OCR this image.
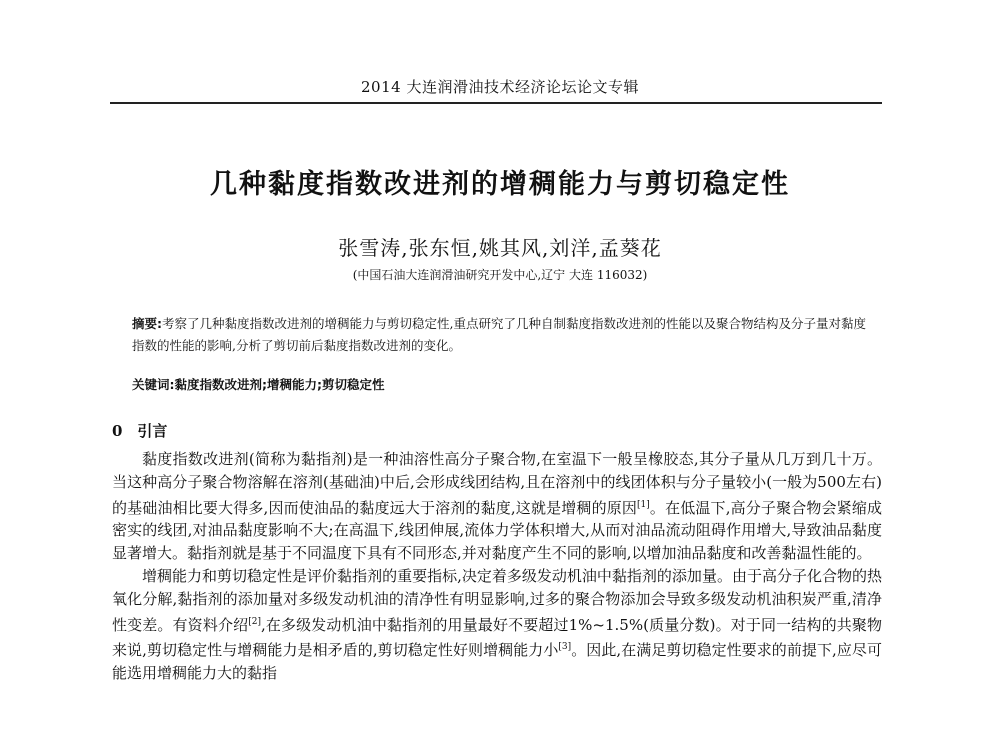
2014 大连润滑油技术经济论坛论文专辑
几种黏度指数改进剂的增稠能力与剪切稳定性
张雪涛,张东恒,姚其风,刘洋,孟葵花
(中国石油大连润滑油研究开发中心,辽宁 大连 116032)
摘要:考察了几种黏度指数改进剂的增稠能力与剪切稳定性,重点研究了几种自制黏度指数改进剂的性能以及聚合物结构及分子量对黏度指数的性能的影响,分析了剪切前后黏度指数改进剂的变化。
关键词:黏度指数改进剂;增稠能力;剪切稳定性
0　引言

黏度指数改进剂(简称为黏指剂)是一种油溶性高分子聚合物,在室温下一般呈橡胶态,其分子量从几万到几十万。当这种高分子聚合物溶解在溶剂(基础油)中后,会形成线团结构,且在溶剂中的线团体积与分子量较小(一般为500左右)的基础油相比要大得多,因而使油品的黏度远大于溶剂的黏度,这就是增稠的原因[1]。在低温下,高分子聚合物会紧缩成密实的线团,对油品黏度影响不大;在高温下,线团伸展,流体力学体积增大,从而对油品流动阻碍作用增大,导致油品黏度显著增大。黏指剂就是基于不同温度下具有不同形态,并对黏度产生不同的影响,以增加油品黏度和改善黏温性能的。

增稠能力和剪切稳定性是评价黏指剂的重要指标,决定着多级发动机油中黏指剂的添加量。由于高分子化合物的热氧化分解,黏指剂的添加量对多级发动机油的清净性有明显影响,过多的聚合物添加会导致多级发动机油积炭严重,清净性变差。有资料介绍[2],在多级发动机油中黏指剂的用量最好不要超过1%~1.5%(质量分数)。对于同一结构的共聚物来说,剪切稳定性与增稠能力是相矛盾的,剪切稳定性好则增稠能力小[3]。因此,在满足剪切稳定性要求的前提下,应尽可能选用增稠能力大的黏指
